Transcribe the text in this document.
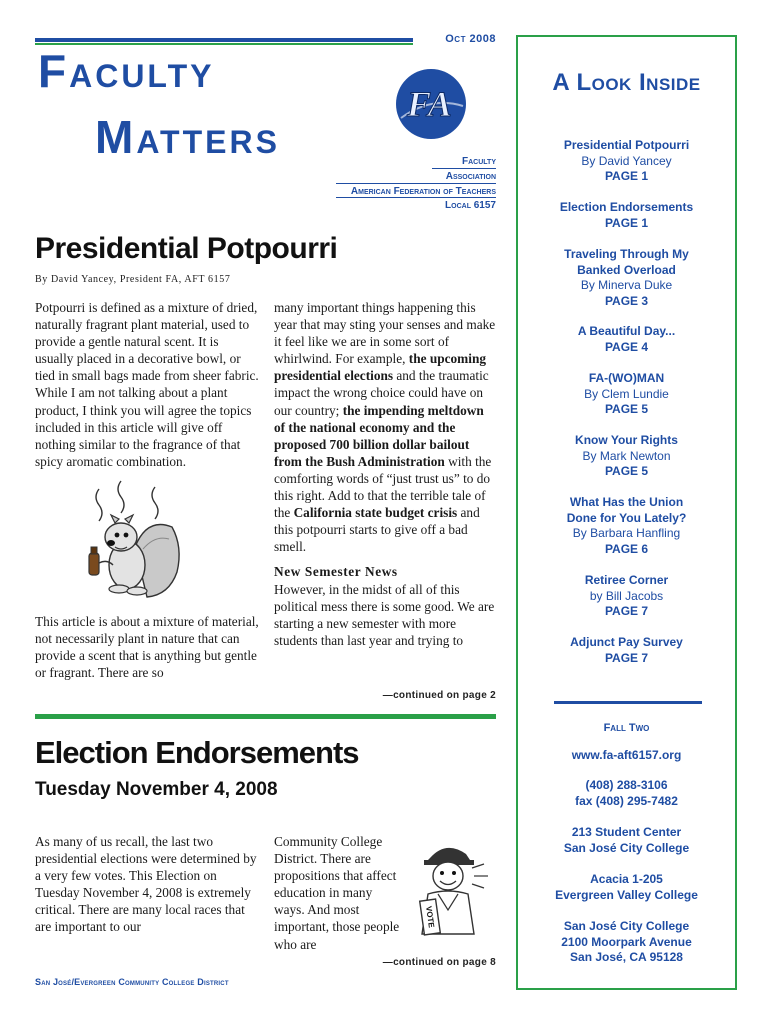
Oct 2008
Faculty
Matters
FA
Faculty
Association
American Federation of Teachers
Local 6157
Presidential Potpourri
By David Yancey, President FA, AFT 6157

Potpourri is defined as a mixture of dried, naturally fragrant plant material, used to provide a gentle natural scent. It is usually placed in a decorative bowl, or tied in small bags made from sheer fabric. While I am not talking about a plant product, I think you will agree the topics included in this article will give off nothing similar to the fragrance of that spicy aromatic combination.

This article is about a mixture of material, not necessarily plant in nature that can provide a scent that is anything but gentle or fragrant. There are so

many important things happening this year that may sting your senses and make it feel like we are in some sort of whirlwind. For example, the upcoming presidential elections and the traumatic impact the wrong choice could have on our country; the impending meltdown of the national economy and the proposed 700 billion dollar bailout from the Bush Administration with the comforting words of “just trust us” to do this right. Add to that the terrible tale of the California state budget crisis and this potpourri starts to give off a bad smell.

New Semester News

However, in the midst of all of this political mess there is some good. We are starting a new semester with more students than last year and trying to

—continued on page 2
Election Endorsements
Tuesday November 4, 2008

As many of us recall, the last two presidential elections were determined by a very few votes. This Election on Tuesday November 4, 2008 is extremely critical. There are many local races that are important to our

Community College District. There are propositions that affect education in many ways. And most important, those people who are

VOTE
—continued on page 8
San José/Evergreen Community College District
A Look Inside
Presidential Potpourri
By David Yancey
PAGE 1
Election Endorsements
PAGE 1
Traveling Through My Banked Overload
By Minerva Duke
PAGE 3
A Beautiful Day...
PAGE 4
FA-(WO)MAN
By Clem Lundie
PAGE 5
Know Your Rights
By Mark Newton
PAGE 5
What Has the Union Done for You Lately?
By Barbara Hanfling
PAGE 6
Retiree Corner
by Bill Jacobs
PAGE 7
Adjunct Pay Survey
PAGE 7
Fall Two
www.fa-aft6157.org
(408) 288-3106
fax (408) 295-7482
213 Student Center
San José City College
Acacia 1-205
Evergreen Valley College
San José City College
2100 Moorpark Avenue
San José, CA 95128
